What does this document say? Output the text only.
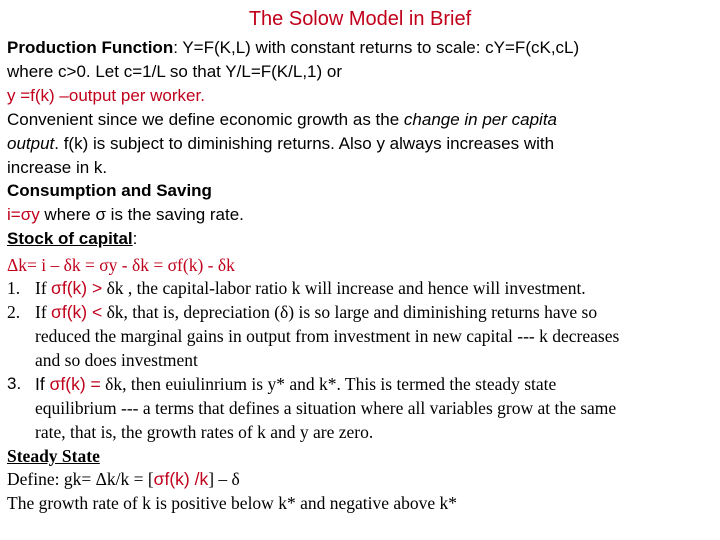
The Solow Model in Brief
Production Function: Y=F(K,L) with constant returns to scale: cY=F(cK,cL)
where c>0. Let c=1/L so that Y/L=F(K/L,1) or
y =f(k) –output per worker.
Convenient since we define economic growth as the change in per capita
output. f(k) is subject to diminishing returns. Also y always increases with
increase in k.
Consumption and Saving
i=σy where σ is the saving rate.
Stock of capital:
Δk= i – δk = σy - δk = σf(k) - δk
1. If σf(k) > δk , the capital-labor ratio k will increase and hence will investment.
2. If σf(k) < δk, that is, depreciation (δ) is so large and diminishing returns have so
reduced the marginal gains in output from investment in new capital --- k decreases
and so does investment
3. If σf(k) = δk, then euiulinrium is y* and k*. This is termed the steady state
equilibrium --- a terms that defines a situation where all variables grow at the same
rate, that is, the growth rates of k and y are zero.
Steady State
Define: gk= Δk/k = [σf(k) /k] – δ
The growth rate of k is positive below k* and negative above k*
